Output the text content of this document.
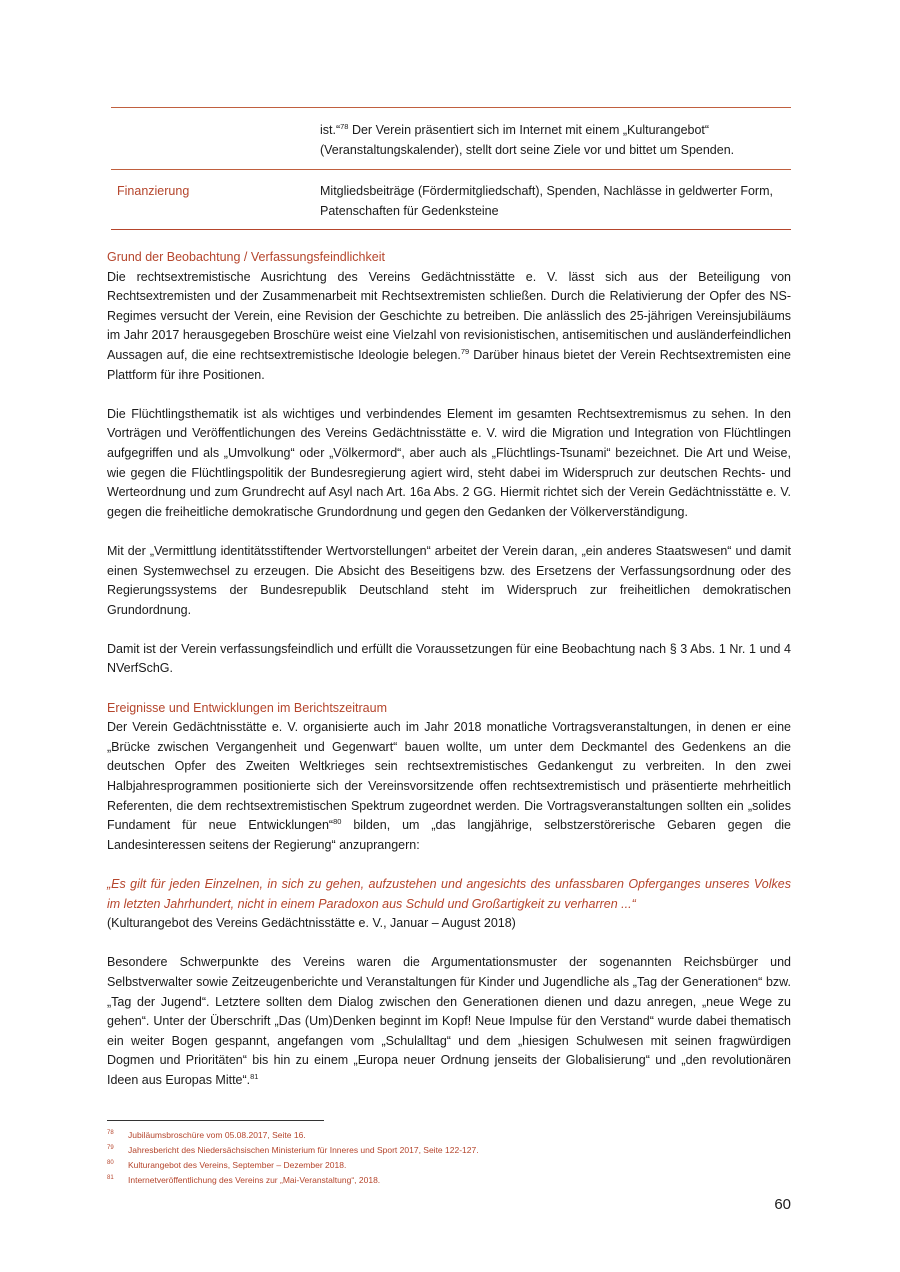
ist.“$^{78}$ Der Verein präsentiert sich im Internet mit einem „Kulturangebot“ (Veranstaltungskalender), stellt dort seine Ziele vor und bittet um Spenden.
Finanzierung	Mitgliedsbeiträge (Fördermitgliedschaft), Spenden, Nachlässe in geldwerter Form, Patenschaften für Gedenksteine

Grund der Beobachtung / Verfassungsfeindlichkeit

Die rechtsextremistische Ausrichtung des Vereins Gedächtnisstätte e. V. lässt sich aus der Beteiligung von Rechtsextremisten und der Zusammenarbeit mit Rechtsextremisten schließen. Durch die Relativierung der Opfer des NS-Regimes versucht der Verein, eine Revision der Geschichte zu betreiben. Die anlässlich des 25-jährigen Vereinsjubiläums im Jahr 2017 herausgegeben Broschüre weist eine Vielzahl von revisionistischen, antisemitischen und ausländerfeindlichen Aussagen auf, die eine rechtsextremistische Ideologie belegen.$^{79}$ Darüber hinaus bietet der Verein Rechtsextremisten eine Plattform für ihre Positionen.

Die Flüchtlingsthematik ist als wichtiges und verbindendes Element im gesamten Rechtsextremismus zu sehen. In den Vorträgen und Veröffentlichungen des Vereins Gedächtnisstätte e. V. wird die Migration und Integration von Flüchtlingen aufgegriffen und als „Umvolkung“ oder „Völkermord“, aber auch als „Flüchtlings-Tsunami“ bezeichnet. Die Art und Weise, wie gegen die Flüchtlingspolitik der Bundesregierung agiert wird, steht dabei im Widerspruch zur deutschen Rechts- und Werteordnung und zum Grundrecht auf Asyl nach Art. 16a Abs. 2 GG. Hiermit richtet sich der Verein Gedächtnisstätte e. V. gegen die freiheitliche demokratische Grundordnung und gegen den Gedanken der Völkerverständigung.

Mit der „Vermittlung identitätsstiftender Wertvorstellungen“ arbeitet der Verein daran, „ein anderes Staatswesen“ und damit einen Systemwechsel zu erzeugen. Die Absicht des Beseitigens bzw. des Ersetzens der Verfassungsordnung oder des Regierungssystems der Bundesrepublik Deutschland steht im Widerspruch zur freiheitlichen demokratischen Grundordnung.

Damit ist der Verein verfassungsfeindlich und erfüllt die Voraussetzungen für eine Beobachtung nach § 3 Abs. 1 Nr. 1 und 4 NVerfSchG.

Ereignisse und Entwicklungen im Berichtszeitraum

Der Verein Gedächtnisstätte e. V. organisierte auch im Jahr 2018 monatliche Vortragsveranstaltungen, in denen er eine „Brücke zwischen Vergangenheit und Gegenwart“ bauen wollte, um unter dem Deckmantel des Gedenkens an die deutschen Opfer des Zweiten Weltkrieges sein rechtsextremistisches Gedankengut zu verbreiten. In den zwei Halbjahresprogrammen positionierte sich der Vereinsvorsitzende offen rechtsextremistisch und präsentierte mehrheitlich Referenten, die dem rechtsextremistischen Spektrum zugeordnet werden. Die Vortragsveranstaltungen sollten ein „solides Fundament für neue Entwicklungen“$^{80}$ bilden, um „das langjährige, selbstzerstörerische Gebaren gegen die Landesinteressen seitens der Regierung“ anzuprangern:

„Es gilt für jeden Einzelnen, in sich zu gehen, aufzustehen und angesichts des unfassbaren Opferganges unseres Volkes im letzten Jahrhundert, nicht in einem Paradoxon aus Schuld und Großartigkeit zu verharren ...“
(Kulturangebot des Vereins Gedächtnisstätte e. V., Januar – August 2018)

Besondere Schwerpunkte des Vereins waren die Argumentationsmuster der sogenannten Reichsbürger und Selbstverwalter sowie Zeitzeugenberichte und Veranstaltungen für Kinder und Jugendliche als „Tag der Generationen“ bzw. „Tag der Jugend“. Letztere sollten dem Dialog zwischen den Generationen dienen und dazu anregen, „neue Wege zu gehen“. Unter der Überschrift „Das (Um)Denken beginnt im Kopf! Neue Impulse für den Verstand“ wurde dabei thematisch ein weiter Bogen gespannt, angefangen vom „Schulalltag“ und dem „hiesigen Schulwesen mit seinen fragwürdigen Dogmen und Prioritäten“ bis hin zu einem „Europa neuer Ordnung jenseits der Globalisierung“ und „den revolutionären Ideen aus Europas Mitte“.$^{81}$

78	Jubiläumsbroschüre vom 05.08.2017, Seite 16.
79	Jahresbericht des Niedersächsischen Ministerium für Inneres und Sport 2017, Seite 122-127.
80	Kulturangebot des Vereins, September – Dezember 2018.
81	Internetveröffentlichung des Vereins zur „Mai-Veranstaltung“, 2018.
60
